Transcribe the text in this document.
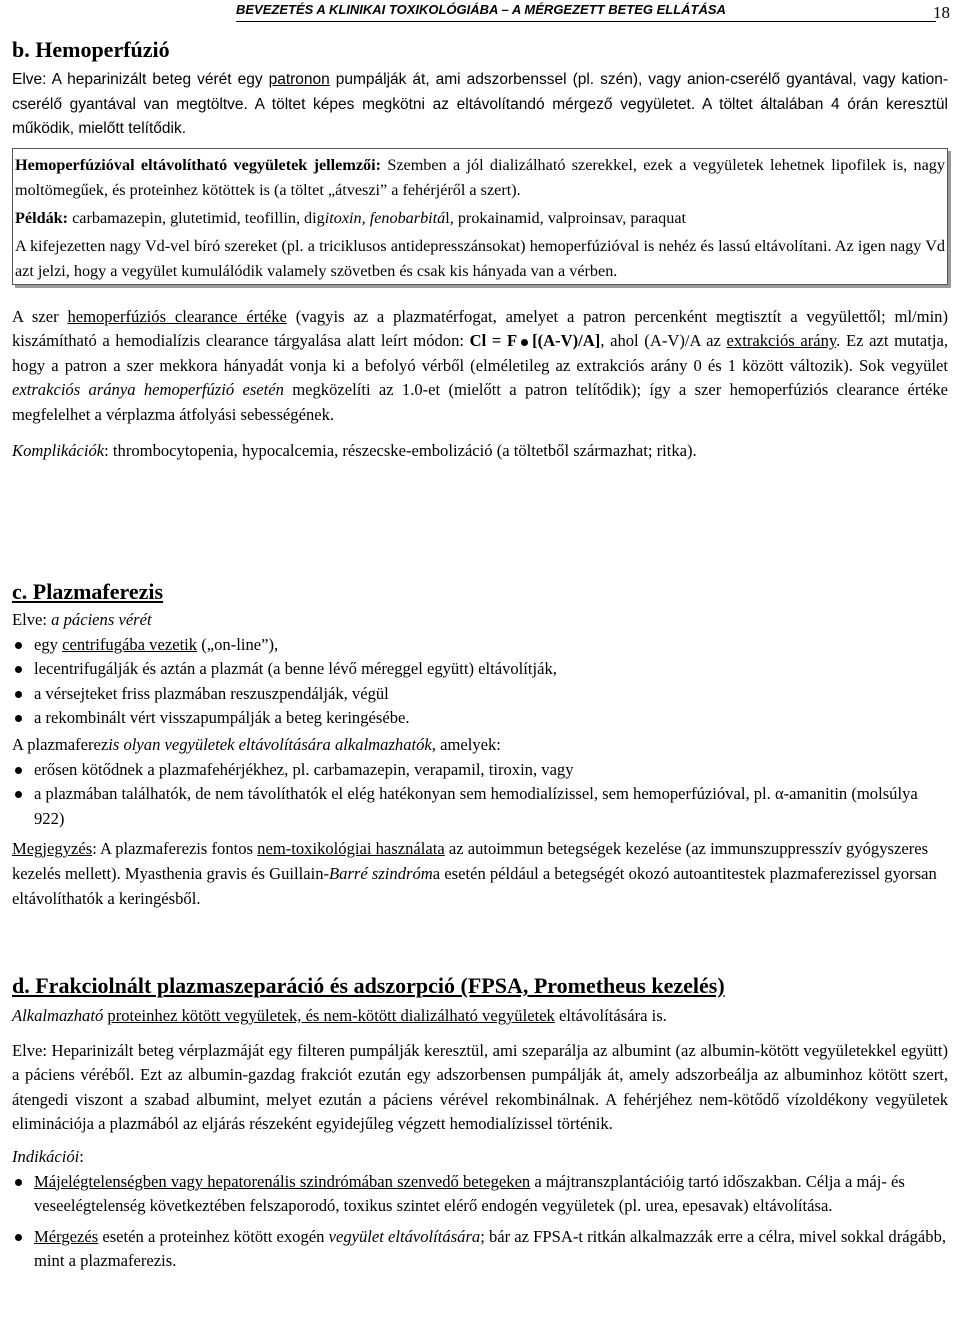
BEVEZETÉS A KLINIKAI TOXIKOLÓGIÁBA – A MÉRGEZETT BETEG ELLÁTÁSA	18
b. Hemoperfúzió

Elve: A heparinizált beteg vérét egy patronon pumpálják át, ami adszorbenssel (pl. szén), vagy anion-cserélő gyantával, vagy kation-cserélő gyantával van megtöltve. A töltet képes megkötni az eltávolítandó mérgező vegyületet. A töltet általában 4 órán keresztül működik, mielőtt telítődik.

Hemoperfúzióval eltávolítható vegyületek jellemzői: Szemben a jól dializálható szerekkel, ezek a vegyületek lehetnek lipofilek is, nagy moltömegűek, és proteinhez kötöttek is (a töltet „átveszi” a fehérjéről a szert).

Példák: carbamazepin, glutetimid, teofillin, digitoxin, fenobarbitál, prokainamid, valproinsav, paraquat

A kifejezetten nagy Vd-vel bíró szereket (pl. a triciklusos antidepresszánsokat) hemoperfúzióval is nehéz és lassú eltávolítani. Az igen nagy Vd azt jelzi, hogy a vegyület kumulálódik valamely szövetben és csak kis hányada van a vérben.

A szer hemoperfúziós clearance értéke (vagyis az a plazmatérfogat, amelyet a patron percenként megtisztít a vegyülettől; ml/min) kiszámítható a hemodialízis clearance tárgyalása alatt leírt módon: Cl = F [(A-V)/A], ahol (A-V)/A az extrakciós arány. Ez azt mutatja, hogy a patron a szer mekkora hányadát vonja ki a befolyó vérből (elméletileg az extrakciós arány 0 és 1 között változik). Sok vegyület extrakciós aránya hemoperfúzió esetén megközelíti az 1.0-et (mielőtt a patron telítődik); így a szer hemoperfúziós clearance értéke megfelelhet a vérplazma átfolyási sebességének.

Komplikációk: thrombocytopenia, hypocalcemia, részecske-embolizáció (a töltetből származhat; ritka).

c. Plazmaferezis

Elve: a páciens vérét

egy centrifugába vezetik („on-line”),
lecentrifugálják és aztán a plazmát (a benne lévő méreggel együtt) eltávolítják,
a vérsejteket friss plazmában reszuszpendálják, végül
a rekombinált vért visszapumpálják a beteg keringésébe.

A plazmaferezis olyan vegyületek eltávolítására alkalmazhatók, amelyek:

erősen kötődnek a plazmafehérjékhez, pl. carbamazepin, verapamil, tiroxin, vagy
a plazmában találhatók, de nem távolíthatók el elég hatékonyan sem hemodialízissel, sem hemoperfúzióval, pl. α-amanitin (molsúlya 922)

Megjegyzés: A plazmaferezis fontos nem-toxikológiai használata az autoimmun betegségek kezelése (az immunszuppresszív gyógyszeres kezelés mellett). Myasthenia gravis és Guillain-Barré szindróma esetén például a betegségét okozó autoantitestek plazmaferezissel gyorsan eltávolíthatók a keringésből.

d. Frakciolnált plazmaszeparáció és adszorpció (FPSA, Prometheus kezelés)

Alkalmazható proteinhez kötött vegyületek, és nem-kötött dializálható vegyületek eltávolítására is.

Elve: Heparinizált beteg vérplazmáját egy filteren pumpálják keresztül, ami szeparálja az albumint (az albumin-kötött vegyületekkel együtt) a páciens véréből. Ezt az albumin-gazdag frakciót ezután egy adszorbensen pumpálják át, amely adszorbeálja az albuminhoz kötött szert, átengedi viszont a szabad albumint, melyet ezután a páciens vérével rekombinálnak. A fehérjéhez nem-kötődő vízoldékony vegyületek eliminációja a plazmából az eljárás részeként egyidejűleg végzett hemodialízissel történik.

Indikációi:

Májelégtelenségben vagy hepatorenális szindrómában szenvedő betegeken a májtranszplantációig tartó időszakban. Célja a máj- és veseelégtelenség következtében felszaporodó, toxikus szintet elérő endogén vegyületek (pl. urea, epesavak) eltávolítása.
Mérgezés esetén a proteinhez kötött exogén vegyület eltávolítására; bár az FPSA-t ritkán alkalmazzák erre a célra, mivel sokkal drágább, mint a plazmaferezis.
